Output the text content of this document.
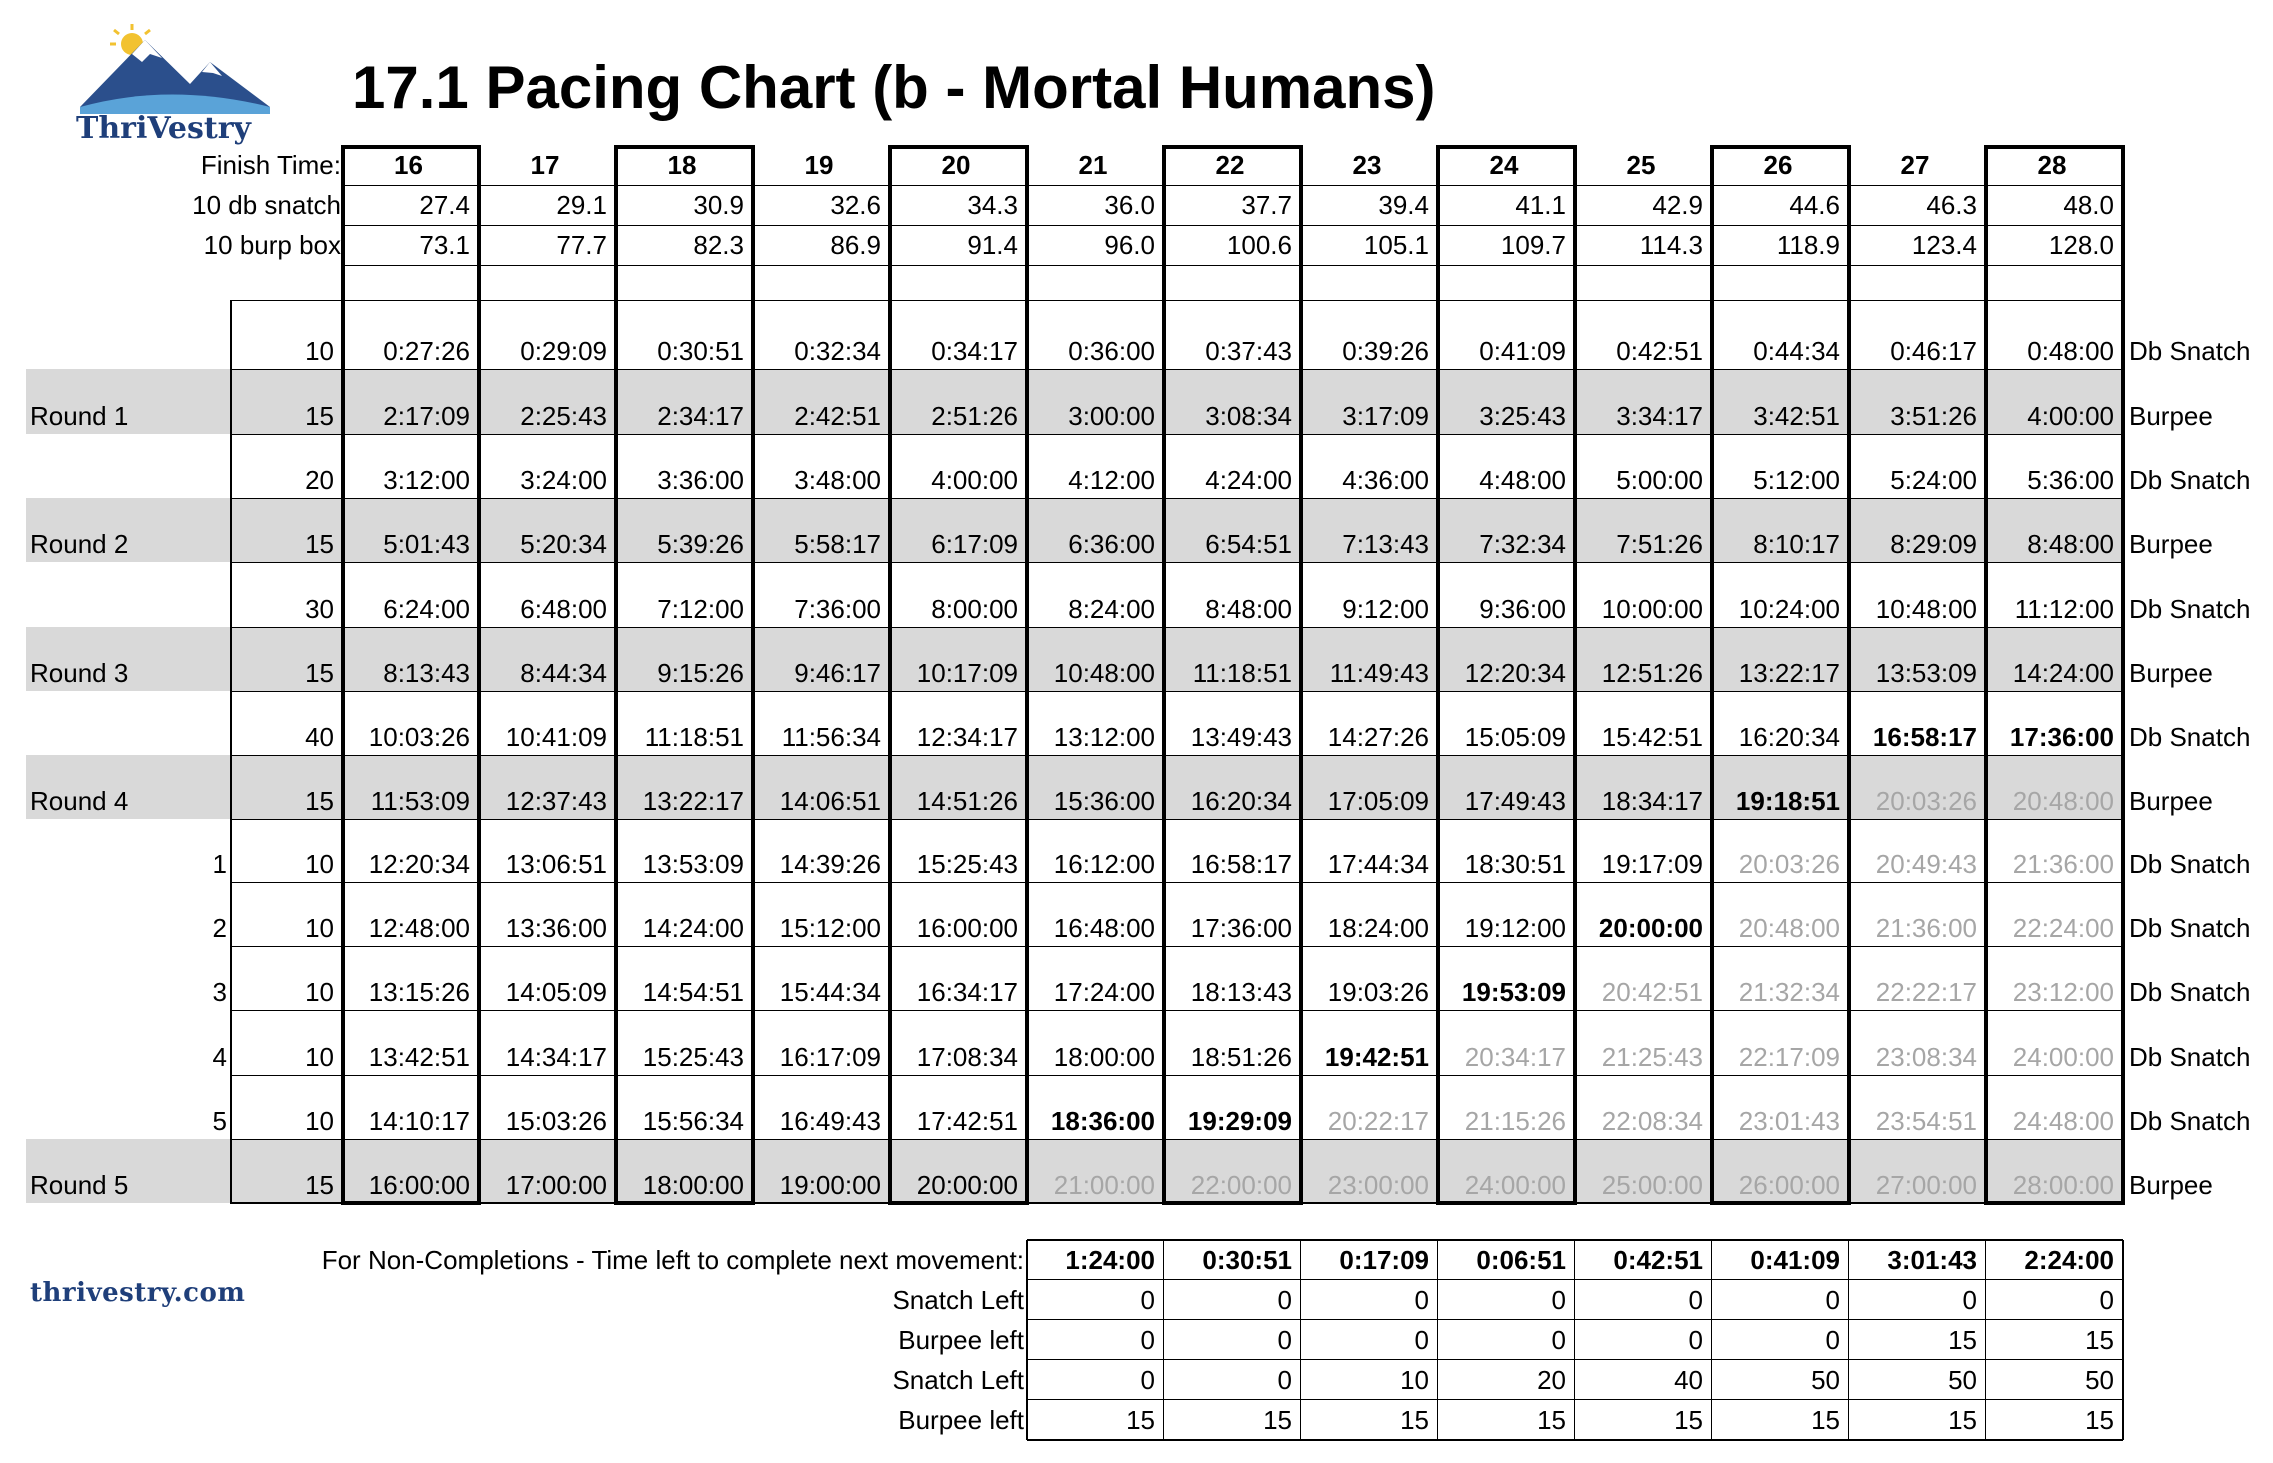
ThriVestry
17.1 Pacing Chart (b - Mortal Humans)
thrivestry.com
Finish Time:	16	17	18	19	20	21	22	23	24	25	26	27	28
10 db snatch	27.4	29.1	30.9	32.6	34.3	36.0	37.7	39.4	41.1	42.9	44.6	46.3	48.0
10 burp box	73.1	77.7	82.3	86.9	91.4	96.0	100.6	105.1	109.7	114.3	118.9	123.4	128.0
10	0:27:26	0:29:09	0:30:51	0:32:34	0:34:17	0:36:00	0:37:43	0:39:26	0:41:09	0:42:51	0:44:34	0:46:17	0:48:00 Db Snatch
Round 1	15	2:17:09	2:25:43	2:34:17	2:42:51	2:51:26	3:00:00	3:08:34	3:17:09	3:25:43	3:34:17	3:42:51	3:51:26	4:00:00 Burpee
20	3:12:00	3:24:00	3:36:00	3:48:00	4:00:00	4:12:00	4:24:00	4:36:00	4:48:00	5:00:00	5:12:00	5:24:00	5:36:00 Db Snatch
Round 2	15	5:01:43	5:20:34	5:39:26	5:58:17	6:17:09	6:36:00	6:54:51	7:13:43	7:32:34	7:51:26	8:10:17	8:29:09	8:48:00 Burpee
30	6:24:00	6:48:00	7:12:00	7:36:00	8:00:00	8:24:00	8:48:00	9:12:00	9:36:00	10:00:00	10:24:00	10:48:00	11:12:00 Db Snatch
Round 3	15	8:13:43	8:44:34	9:15:26	9:46:17	10:17:09	10:48:00	11:18:51	11:49:43	12:20:34	12:51:26	13:22:17	13:53:09	14:24:00 Burpee
40	10:03:26	10:41:09	11:18:51	11:56:34	12:34:17	13:12:00	13:49:43	14:27:26	15:05:09	15:42:51	16:20:34	16:58:17	17:36:00 Db Snatch
Round 4	15	11:53:09	12:37:43	13:22:17	14:06:51	14:51:26	15:36:00	16:20:34	17:05:09	17:49:43	18:34:17	19:18:51	20:03:26	20:48:00 Burpee
1	10	12:20:34	13:06:51	13:53:09	14:39:26	15:25:43	16:12:00	16:58:17	17:44:34	18:30:51	19:17:09	20:03:26	20:49:43	21:36:00 Db Snatch
2	10	12:48:00	13:36:00	14:24:00	15:12:00	16:00:00	16:48:00	17:36:00	18:24:00	19:12:00	20:00:00	20:48:00	21:36:00	22:24:00 Db Snatch
3	10	13:15:26	14:05:09	14:54:51	15:44:34	16:34:17	17:24:00	18:13:43	19:03:26	19:53:09	20:42:51	21:32:34	22:22:17	23:12:00 Db Snatch
4	10	13:42:51	14:34:17	15:25:43	16:17:09	17:08:34	18:00:00	18:51:26	19:42:51	20:34:17	21:25:43	22:17:09	23:08:34	24:00:00 Db Snatch
5	10	14:10:17	15:03:26	15:56:34	16:49:43	17:42:51	18:36:00	19:29:09	20:22:17	21:15:26	22:08:34	23:01:43	23:54:51	24:48:00 Db Snatch
Round 5	15	16:00:00	17:00:00	18:00:00	19:00:00	20:00:00	21:00:00	22:00:00	23:00:00	24:00:00	25:00:00	26:00:00	27:00:00	28:00:00 Burpee
For Non-Completions - Time left to complete next movement:	1:24:00	0:30:51	0:17:09	0:06:51	0:42:51	0:41:09	3:01:43	2:24:00
Snatch Left	0	0	0	0	0	0	0	0
Burpee left	0	0	0	0	0	0	15	15
Snatch Left	0	0	10	20	40	50	50	50
Burpee left	15	15	15	15	15	15	15	15
